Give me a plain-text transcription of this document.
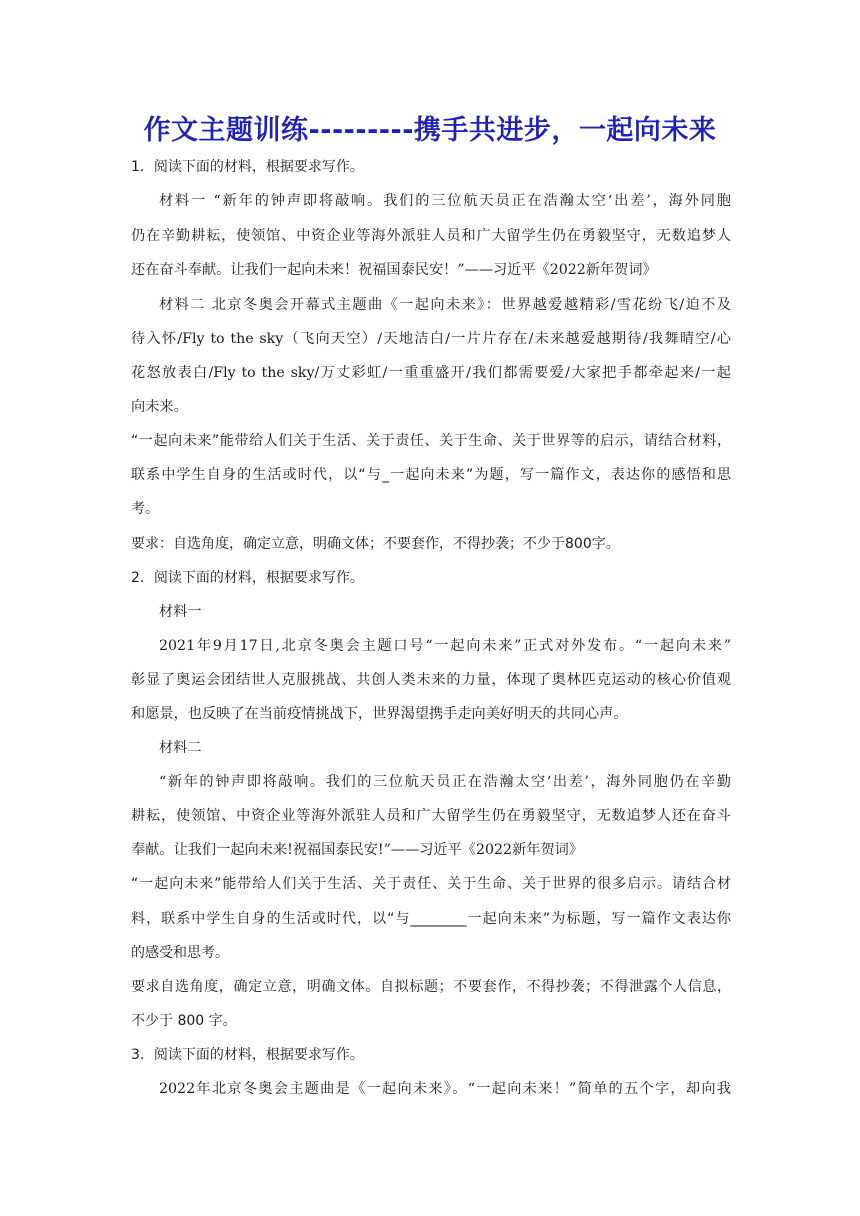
作文主题训练---------携手共进步，一起向未来
1．阅读下面的材料，根据要求写作。
材料一 “新年的钟声即将敲响。我们的三位航天员正在浩瀚太空‘出差’，海外同胞
仍在辛勤耕耘，使领馆、中资企业等海外派驻人员和广大留学生仍在勇毅坚守，无数追梦人
还在奋斗奉献。让我们一起向未来！祝福国泰民安！”——习近平《2022新年贺词》
材料二 北京冬奥会开幕式主题曲《一起向未来》：世界越爱越精彩/雪花纷飞/迫不及
待入怀/Fly to the sky（飞向天空）/天地洁白/一片片存在/未来越爱越期待/我舞晴空/心
花怒放表白/Fly to the sky/万丈彩虹/一重重盛开/我们都需要爱/大家把手都牵起来/一起
向未来。
“一起向未来”能带给人们关于生活、关于责任、关于生命、关于世界等的启示，请结合材料，
联系中学生自身的生活或时代，以“与_一起向未来”为题，写一篇作文，表达你的感悟和思
考。
要求：自选角度，确定立意，明确文体；不要套作，不得抄袭；不少于800字。
2．阅读下面的材料，根据要求写作。
材料一
2021年9月17日,北京冬奥会主题口号“一起向未来”正式对外发布。“一起向未来”
彰显了奥运会团结世人克服挑战、共创人类未来的力量，体现了奥林匹克运动的核心价值观
和愿景，也反映了在当前疫情挑战下，世界渴望携手走向美好明天的共同心声。
材料二
“新年的钟声即将敲响。我们的三位航天员正在浩瀚太空‘出差’，海外同胞仍在辛勤
耕耘，使领馆、中资企业等海外派驻人员和广大留学生仍在勇毅坚守，无数追梦人还在奋斗
奉献。让我们一起向未来!祝福国泰民安!”——习近平《2022新年贺词》
“一起向未来”能带给人们关于生活、关于责任、关于生命、关于世界的很多启示。请结合材
料，联系中学生自身的生活或时代，以“与________一起向未来”为标题，写一篇作文表达你
的感受和思考。
要求自选角度，确定立意，明确文体。自拟标题；不要套作，不得抄袭；不得泄露个人信息，
不少于 800 字。
3．阅读下面的材料，根据要求写作。
2022年北京冬奥会主题曲是《一起向未来》。“一起向未来！”简单的五个字，却向我
